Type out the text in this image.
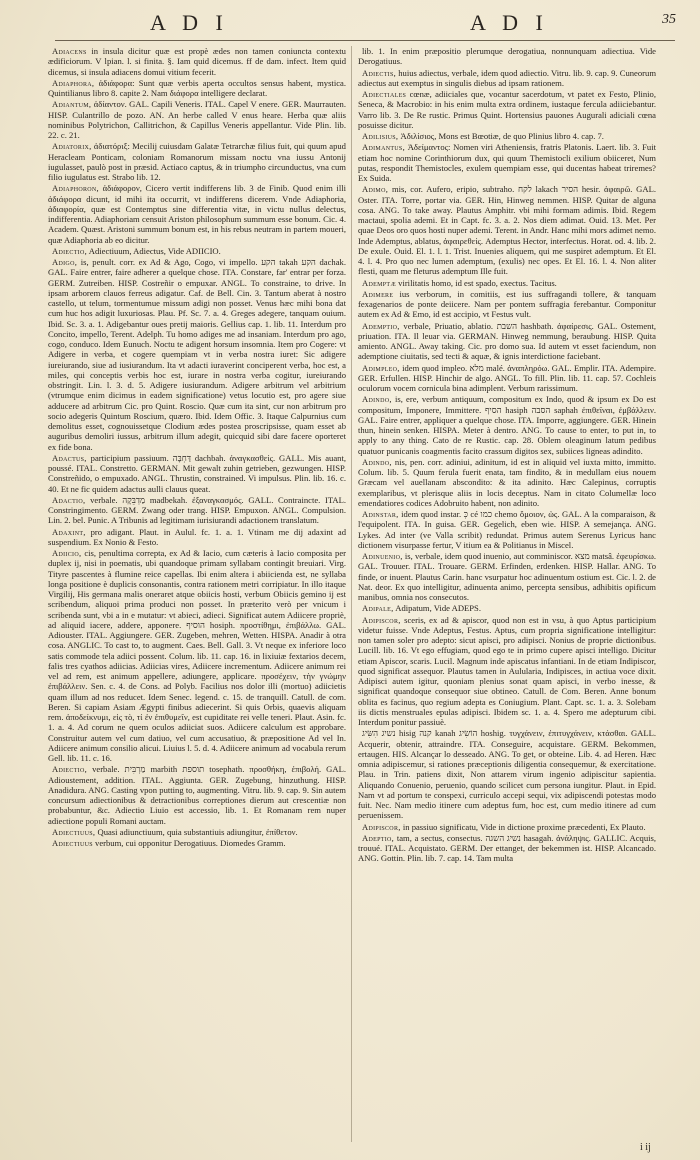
A D I	A D I	35

Adiacens in insula dicitur quæ est propè ædes non tamen coniuncta contextu ædificiorum. V lpian. l. si finita. §. Iam quid dicemus. ff de dam. infect. Item quid dicemus, si insula adiacens domui vitium fecerit.

Adiaphora, ἀδιάφορα: Sunt quæ verbis aperta occultos sensus habent, mystica. Quintilianus libro 8. capite 2. Nam διάφορα intelligere declarat.

Adiantum, ἀδίαντον. GAL. Capili Veneris. ITAL. Capel V enere. GER. Maurrauten. HISP. Culantrillo de pozo. AN. An herbe called V enus heare. Herba quæ aliis nominibus Polytrichon, Callitrichon, & Capillus Veneris appellantur. Vide Plin. lib. 22. c. 21.

Adiatorix, ἀδιατόριξ: Mecilij cuiusdam Galatæ Tetrarchæ filius fuit, qui quum apud Heracleam Ponticam, coloniam Romanorum missam noctu vna iussu Antonij iugulasset, paulò post in præsid. Actiaco captus, & in triumpho circunductus, vna cum filio iugulatus est. Strabo lib. 12.

Adiaphoron, ἀδιάφορον, Cicero vertit indifferens lib. 3 de Finib. Quod enim illi ἀδιάφορα dicunt, id mihi ita occurrit, vt indifferens dicerem. Vnde Adiaphoria, ἀδιαφορία, quæ est Contemptus sine differentia vitæ, in victu nullus delectus, indifferentia. Adiaphoriam censuit Ariston philosophum summum esse bonum. Cic. 4. Academ. Quæst. Aristoni summum bonum est, in his rebus neutram in partem moueri, quæ Adiaphoria ab eo dicitur.

Adiectio, Adiectiuum, Adiectus, Vide ADIICIO.

Adigo, is, penult. corr. ex Ad & Ago, Cogo, vi impello. הקע takah הקע dachak. GAL. Faire entrer, faire adherer a quelque chose. ITA. Constare, far' entrar per forza. GERM. Zutreiben. HISP. Costreñir o empuxar. ANGL. To constraine, to drive. In ipsam arborem clauos ferreus adigatur. Caf. de Bell. Cin. 3. Tantum aberat à nostro castello, ut telum, tormentumue missum adigi non posset. Venus hæc mihi bona dat cum huc hos adigit luxuriosas. Plau. Pf. Sc. 7. a. 4. Greges adegere, tanquam ouium. Ibid. Sc. 3. a. 1. Adigebantur oues pretij maioris. Gellius cap. 1. lib. 11. Interdum pro Concito, impello, Terent. Adelph. Tu homo adiges me ad insaniam. Interdum pro ago, cogo, conduco. Idem Eunuch. Noctu te adigent horsum insomnia. Item pro Cogere: vt Adigere in verba, et cogere quempiam vt in verba nostra iuret: Sic adigere iureiurando, siue ad iusiurandum. Ita vt adacti iuraverint conciperent verba, hoc est, a miles, qui conceptis verbis hoc est, iurare in nostra verba cogitur, iureiurando obstringit. Lin. l. 3. d. 5. Adigere iusiurandum. Adigere arbitrum vel arbitrium (vtrumque enim dicimus in eadem significatione) vetus locutio est, pro agere siue adducere ad arbitrum Cic. pro Quint. Roscio. Quæ cum ita sint, cur non arbitrum pro socio adegeris Quintum Roscium, quæro. Ibid. Idem Offic. 3. Itaque Calpurnius cum demolitus esset, cognouissetque Clodium ædes postea proscripsisse, quam esset ab auguribus demoliri iussus, arbitrum illum adegit, quicquid sibi dare facere oporteret ex fide bona.

Adactus, participium passiuum. דַּחְבָּה dachbah. ἀναγκασθείς. GALL. Mis auant, poussé. ITAL. Constretto. GERMAN. Mit gewalt zuhin getrieben, gezwungen. HISP. Constreñido, o empuxado. ANGL. Thrustin, constrained. Vi impulsus. Plin. lib. 16. c. 40. Et ne fic quidem adactus aulli clauus queat.

Adactio, verbale. מַדְבֵּקָה madbekah. ἐξαναγκασμός. GALL. Contraincte. ITAL. Constringimento. GERM. Zwang oder trang. HISP. Empuxon. ANGL. Compulsion. Lin. 2. bel. Punic. A Tribunis ad legitimam iurisiurandi adactionem translatum.

Adaxint, pro adigant. Plaut. in Aulul. fc. 1. a. 1. Vtinam me dij adaxint ad suspendium. Ex Nonio & Festo.

Adiicio, cis, penultima correpta, ex Ad & Iacio, cum cæteris à Iacio composita per duplex ij, nisi in poematis, ubi quandoque primam syllabam contingit breuiari. Virg. Tityre pascentes à flumine reice capellas. Ibi enim altera i abiicienda est, ne syllaba longa positione è duplicis consonantis, contra rationem metri corripiatur. In illo itaque Virgilij, His germana malis oneraret atque obiicis hosti, verbum Obiicis gemino ij est scribendum, aliquoi prima produci non posset. In præterito verò per vnicum i scribenda sunt, vbi a in e mutatur: vt abieci, adieci. Significat autem Adiicere propriè, ad aliquid iacere, addere, apponere. הוסיף hosiph. προστίθημι, ἐπιβάλλω. GAL. Adiouster. ITAL. Aggiungere. GER. Zugeben, mehren, Wetten. HISPA. Anadir à otra cosa. ANGLIC. To cast to, to augment. Caes. Bell. Gall. 3. Vt neque ex inferiore loco satis commode tela adiici possent. Colum. lib. 11. cap. 16. in lixiuiæ fextarios decem, falis tres cyathos adiicias. Adiicias vires, Adiicere incrementum. Adiicere animum rei vel ad rem, est animum appellere, adiungere, applicare. προσέχειν, τὴν γνώμην ἐπιβάλλειν. Sen. c. 4. de Cons. ad Polyb. Facilius nos dolor illi (mortuo) adiicietis quam illum ad nos reducet. Idem Senec. legend. c. 15. de tranquill. Catull. de com. Beren. Si capiam Asiam Ægypti finibus adiecerint. Si quis Orbis, quaevis aliquam rem. ἀποδείκνυμι, εἰς τὸ, τί ἐν ἐπιθυμεῖν, est cupiditate rei velle teneri. Plaut. Asin. fc. 1. a. 4. Ad corum ne quem oculos adiiciat suos. Adiicere calculum est approbare. Construitur autem vel cum datiuo, vel cum accusatiuo, & præpositione Ad vel In. Adiicere animum consilio alicui. Liuius l. 5. d. 4. Adiicere animum ad vocabula rerum Gell. lib. 11. c. 16.

Adiectio, verbale. מַרְבִּית marbith תוספת tosephath. προσθήκη, ἐπιβολή. GAL. Adioustement, addition. ITAL. Aggiunta. GER. Zugebung, hinzuthung. HISP. Anadidura. ANG. Casting vpon putting to, augmenting. Vitru. lib. 9. cap. 9. Sin autem concursum adiectionibus & detractionibus correptiones dierum aut crescentiæ non probabuntur, &c. Adiectio Liuio est accessio, lib. 1. Et Romanam rem nuper adiectione populi Romani auctam.

Adiectiuus, Quasi adiunctiuum, quia substantiuis adiungitur, ἐπίθετον.

Adiectiuus verbum, cui opponitur Derogatiuus. Diomedes Gramm.

lib. 1. In enim præpositio plerumque derogatiua, nonnunquam adiectiua. Vide Derogatiuus.

Adiectis, huius adiectus, verbale, idem quod adiectio. Vitru. lib. 9. cap. 9. Cuneorum adiectus aut exemptus in singulis diebus ad ipsam rationem.

Adiectiales cœnæ, adiiciales que, vocantur sacerdotum, vt patet ex Festo, Plinio, Seneca, & Macrobio: in his enim multa extra ordinem, iustaque fercula adiiciebantur. Varro lib. 3. De Re rustic. Primus Quint. Hortensius pauones Augurali adiciali cœna posuisse dicitur.

Adilisius, Ἀδιλίσιος, Mons est Bœotiæ, de quo Plinius libro 4. cap. 7.

Adimantus, Ἀδείμαντος: Nomen viri Atheniensis, fratris Platonis. Laert. lib. 3. Fuit etiam hoc nomine Corinthiorum dux, qui quum Themistocli exilium obiiceret, Num putas, respondit Themistocles, exulem quempiam esse, qui ducentas habeat triremes? Ex Suida.

Adimo, mis, cor. Aufero, eripio, subtraho. לקח lakach הסיר hesir. ἀφαιρῶ. GAL. Oster. ITA. Torre, portar via. GER. Hin, Hinweg nemmen. HISP. Quitar de alguna cosa. ANG. To take away. Plautus Amphitr. vbi mihi formam adimis. Ibid. Regem mactaui, spolia ademi. Et in Capt. fc. 3. a. 2. Nos diem adimat. Ouid. 13. Met. Per quae Deos oro quos hosti nuper ademi. Terent. in Andr. Hanc mihi mors adimet nemo. Inde Ademptus, ablatus, ἀφαιρεθείς. Ademptus Hector, interfectus. Horat. od. 4. lib. 2. De exule. Ouid. El. 1. l. 1. Trist. Inuenies aliquem, qui me suspiret ademptum. Et El. 4. l. 4. Pro quo nec lumen ademptum, (exulis) nec opes. Et El. 16. l. 4. Non aliter flesti, quam me fleturus ademptum Ille fuit.

Ademptæ virilitatis homo, id est spado, exectus. Tacitus.

Adimere ius verborum, in comitiis, est ius suffragandi tollere, & tanquam fexagenarios de ponte deiicere. Nam per pontem suffragia ferebantur. Componitur autem ex Ad & Emo, id est accipio, vt Festus vult.

Ademptio, verbale, Priuatio, ablatio. השבת hashbath. ἀφαίρεσις. GAL. Ostement, priuation. ITA. Il leuar via. GERMAN. Hinweg nemmung, beraubung. HISP. Quita amiento. ANGL. Away taking. Cic. pro domo sua. Id autem vt esset faciendum, non ademptione ciuitatis, sed tecti & aquæ, & ignis interdictione faciebant.

Adimpleo, idem quod impleo. מלא malé. ἀναπληρόω. GAL. Emplir. ITA. Adempire. GER. Erfullen. HISP. Hinchir de algo. ANGL. To fill. Plin. lib. 11. cap. 57. Cochleis oculorum vocem cornicula bina adimplent. Verbum rarissimum.

Adindo, is, ere, verbum antiquum, compositum ex Indo, quod & ipsum ex Do est compositum, Imponere, Immittere. הסיף hasiph הסבה saphah ἐπιθεῖναι, ἐμβάλλειν. GAL. Faire entrer, appliquer a quelque chose. ITA. Imporre, aggiungere. GER. Hinein thun, hinein senken. HISPA. Meter à dentro. ANG. To cause to enter, to put in, to apply to any thing. Cato de re Rustic. cap. 28. Oblem oleaginum latum pedibus quatuor punicanis coagmentis facito crassum digitos sex, subiices ligneas adindito.

Adindo, nis, pen. corr. adiniui, adinitum, id est in aliquid vel iuxta mitto, immitto. Colum. lib. 5. Quum ferula fuerit enata, tam findito, & in medullam eius nouem Græcam vel auellanam abscondito: & ita adinito. Hæc Calepinus, corruptis exemplaribus, vt plerisque aliis in locis deceptus. Nam in citato Columellæ loco emendatiores codices Adobruito habent, non adinito.

Adinstar, idem quod instar. כְּ cé כמו chemo ὅμοιον, ὡς. GAL. A la comparaison, & l'equipolent. ITA. In guisa. GER. Gegelich, eben wie. HISP. A semejança. ANG. Lykes. Ad inter (ve Valla scribit) redundat. Primus autem Serenus Lyricus hanc dictionem visurpasse fertur, V itium ea & Politianus in Miscel.

Adinuenio, is, verbale, idem quod inuenio, aut comminiscor. מצא matsâ. ἐφευρίσκω. GAL. Trouuer. ITAL. Trouare. GERM. Erfinden, erdenken. HISP. Hallar. ANG. To finde, or inuent. Plautus Carin. hanc vsurpatur hoc adinuentum ostium est. Cic. l. 2. de Nat. deor. Ex quo intelligitur, adinuenta animo, percepta sensibus, adhibitis opificum manibus, omnia nos consecutos.

Adipale, Adipatum, Vide ADEPS.

Adipiscor, sceris, ex ad & apiscor, quod non est in vsu, à quo Aptus participium videtur fuisse. Vnde Adeptus, Festus. Aptus, cum propria significatione intelligitur: non tamen soler pro adepto: sicut apisci, pro adipisci. Nonius de proprie dictionibus. Lucill. lib. 16. Vt ego effugiam, quod ego te in primo cupere apisci intelligo. Dicitur etiam Apiscor, scaris. Lucil. Magnum inde apiscatus infantiani. In de etiam Indipiscor, quod significat assequor. Plautus tamen in Aulularia, Indipisces, in actiua voce dixit. Adipisci autem igitur, quoniam plenius sonat quam apisci, in verbo inesse, & significat quandoque consequor siue obtineo. Catull. de Com. Beren. Anne bonum oblita es facinus, quo regium adepta es Coniugium. Plant. Capt. sc. 1. a. 3. Solebam iis dictis menstruales epulas adipisci. Ibidem sc. 1. a. 4. Spero me adepturum cibi. Interdum ponitur passiuè.

נשיג הִשִּׂיג hisig קנה kanah הוֹשִׂיג hoshig. τυγχάνειν, ἐπιτυγχάνειν, κτάσθαι. GALL. Acquerir, obtenir, attraindre. ITA. Conseguire, acquistare. GERM. Bekommen, ertaugen. HIS. Alcançar lo desseado. ANG. To get, or obteine. Lib. 4. ad Heren. Hæc omnia adipiscemur, si rationes præceptionis diligentia consequemur, & exercitatione. Plau. in Trin. patiens dixit, Non attarem virum ingenio adipiscitur sapientia. Aliquando Conuenio, peruenio, quando scilicet cum persona iungitur. Plaut. in Epid. Nam vt ad portum te conspexi, curriculo accepi sequi, vix adipiscendi potestas modo fuit. Nec. Nam medio itinere cum adeptus fum, hoc est, cum medio itinere ad cum peruenissem.

Adipiscor, in passiuo significatu, Vide in dictione proxime præcedenti, Ex Plauto.

Adeptio, tam, a sectus, consectus. נשיג השגה hasagah. ἀνάληψις. GALLIC. Acquis, trouué. ITAL. Acquistato. GERM. Der ettanget, der bekemmen ist. HISP. Alcancado. ANG. Gottin. Plin. lib. 7. cap. 14. Tam multa

i ij
